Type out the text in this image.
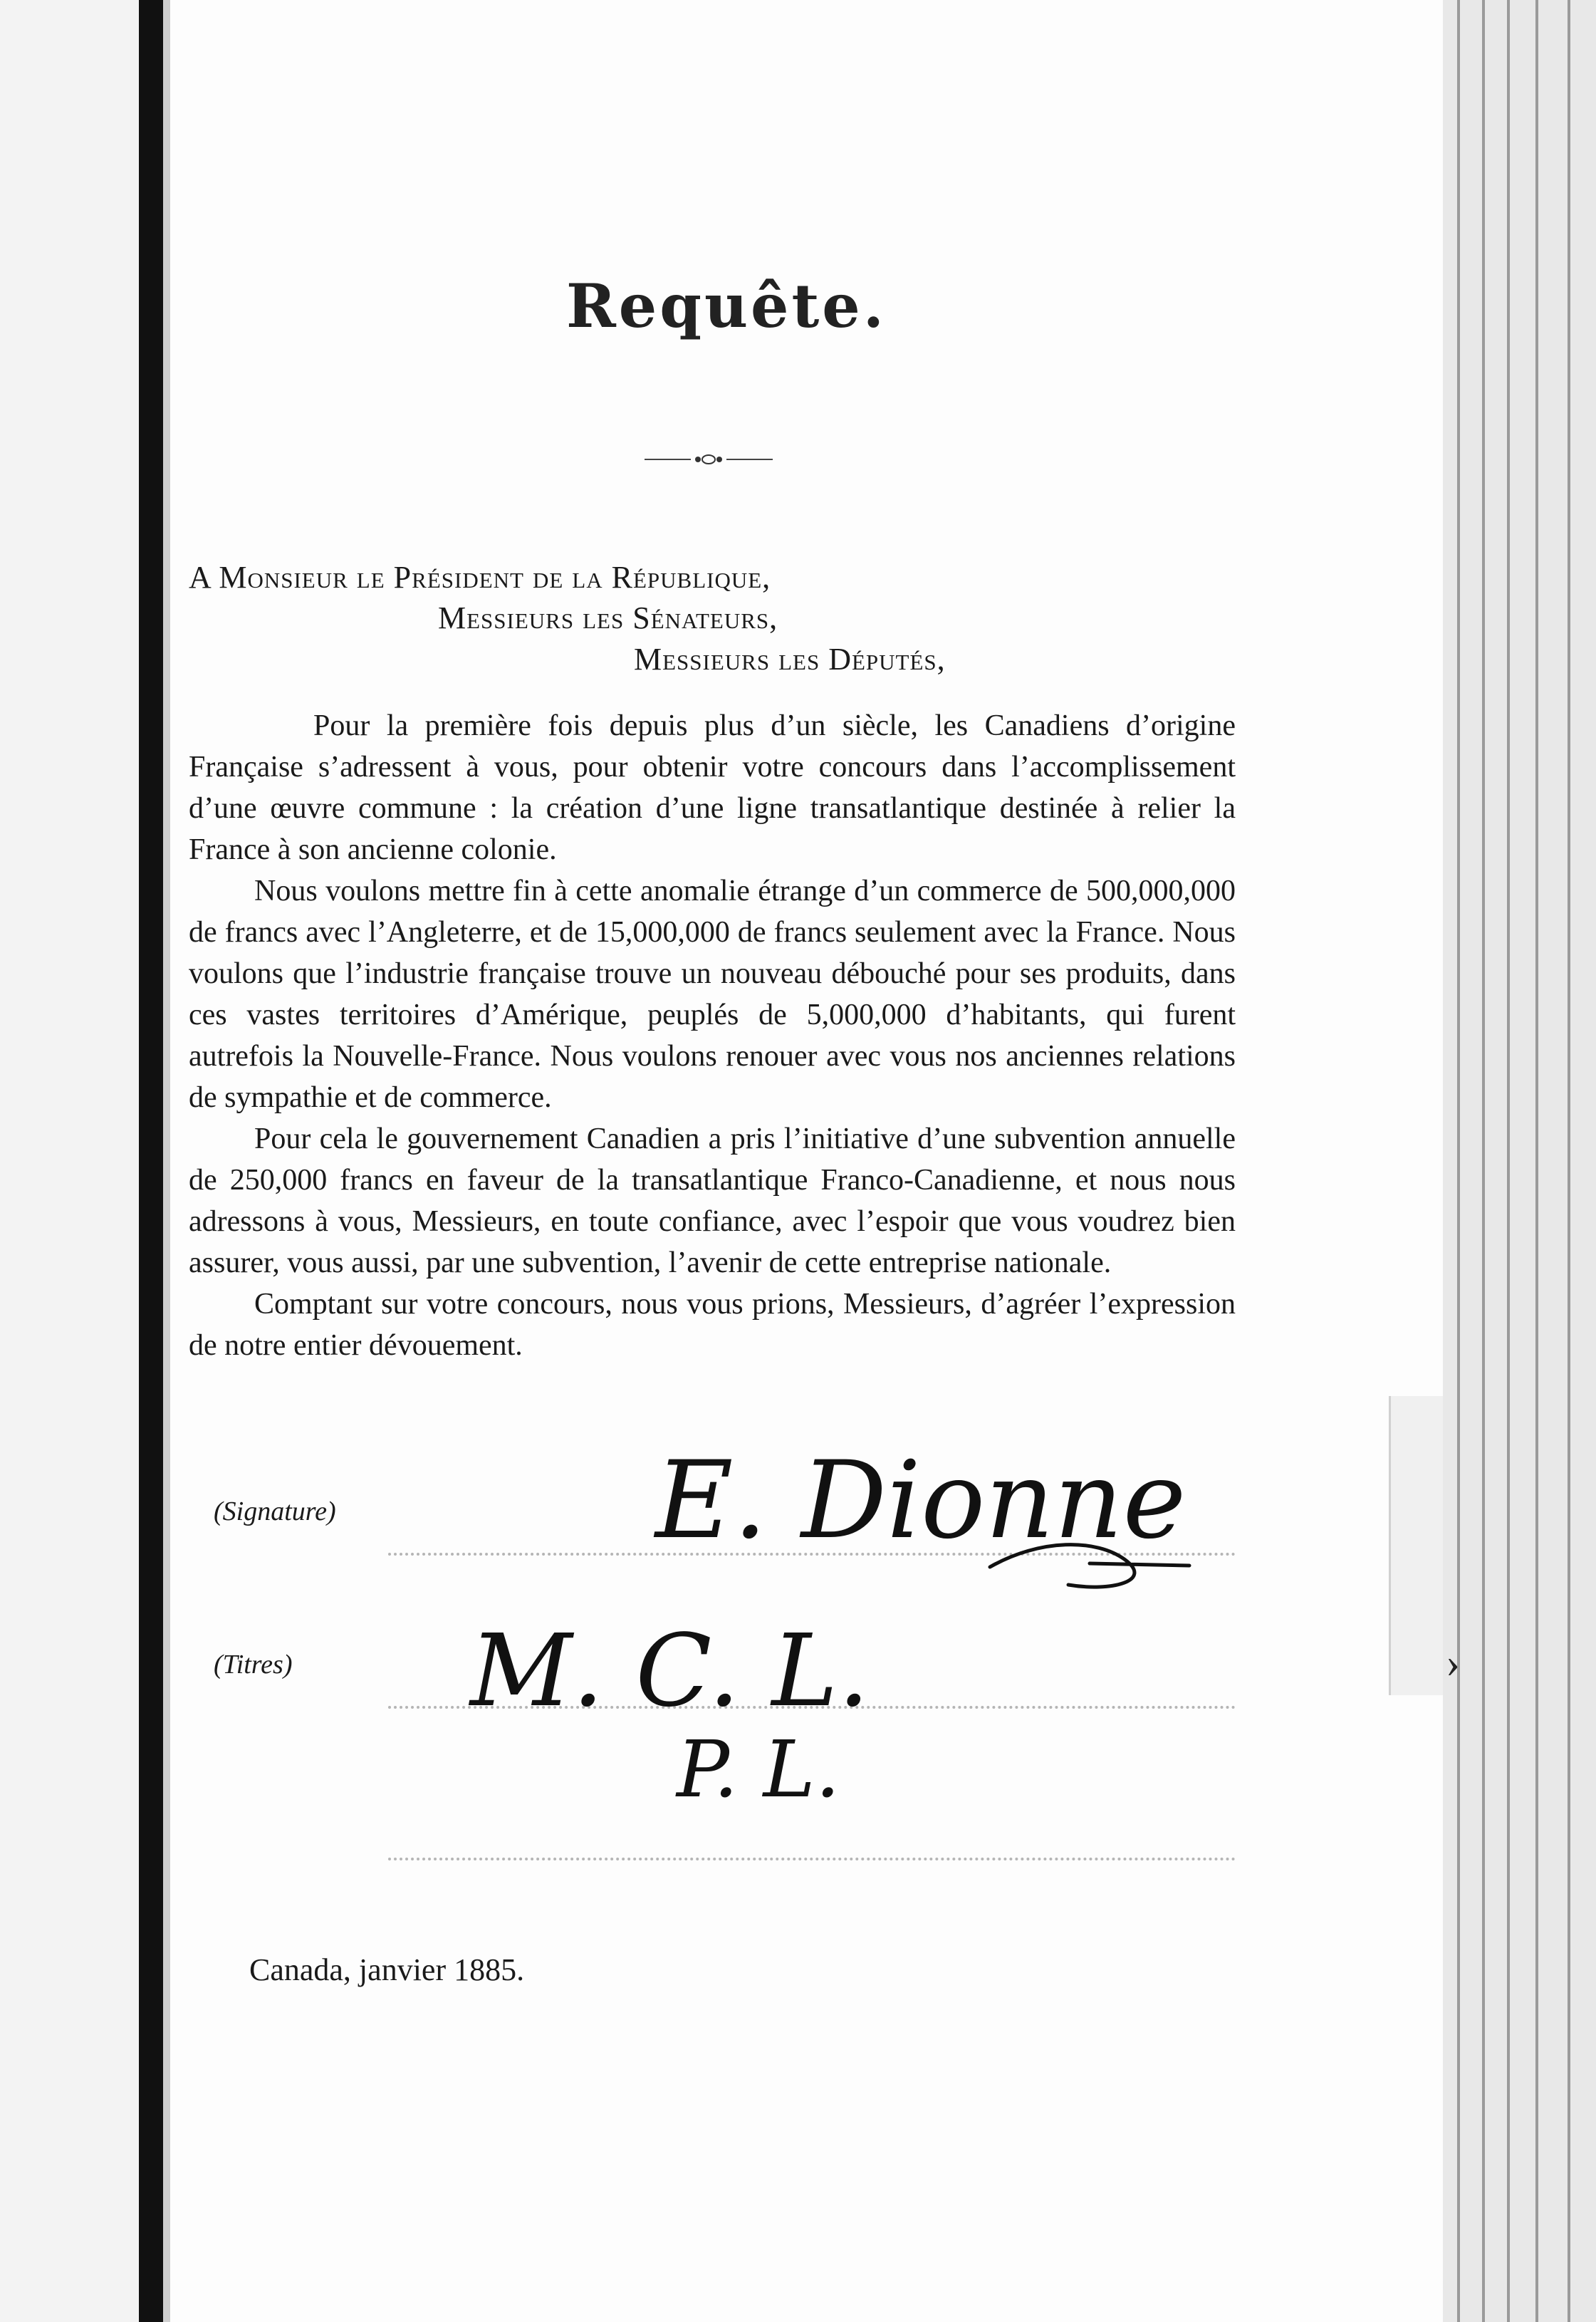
›
Requête.
A Monsieur le Président de la République,
Messieurs les Sénateurs,
Messieurs les Députés,

Pour la première fois depuis plus d’un siècle, les Canadiens d’origine Française s’adressent à vous, pour obtenir votre concours dans l’accomplissement d’une œuvre commune : la création d’une ligne transatlantique destinée à relier la France à son ancienne colonie.

Nous voulons mettre fin à cette anomalie étrange d’un commerce de 500,000,000 de francs avec l’Angleterre, et de 15,000,000 de francs seulement avec la France. Nous voulons que l’industrie française trouve un nouveau débouché pour ses produits, dans ces vastes territoires d’Amérique, peuplés de 5,000,000 d’habitants, qui furent autrefois la Nouvelle-France. Nous voulons renouer avec vous nos anciennes relations de sympathie et de commerce.

Pour cela le gouvernement Canadien a pris l’initiative d’une subvention annuelle de 250,000 francs en faveur de la transatlantique Franco-Canadienne, et nous nous adressons à vous, Messieurs, en toute confiance, avec l’espoir que vous voudrez bien assurer, vous aussi, par une subvention, l’avenir de cette entreprise nationale.

Comptant sur votre concours, nous vous prions, Messieurs, d’agréer l’expression de notre entier dévouement.

(Signature)
(Titres)
E. Dionne
M. C. L.
P. L.
Canada, janvier 1885.
